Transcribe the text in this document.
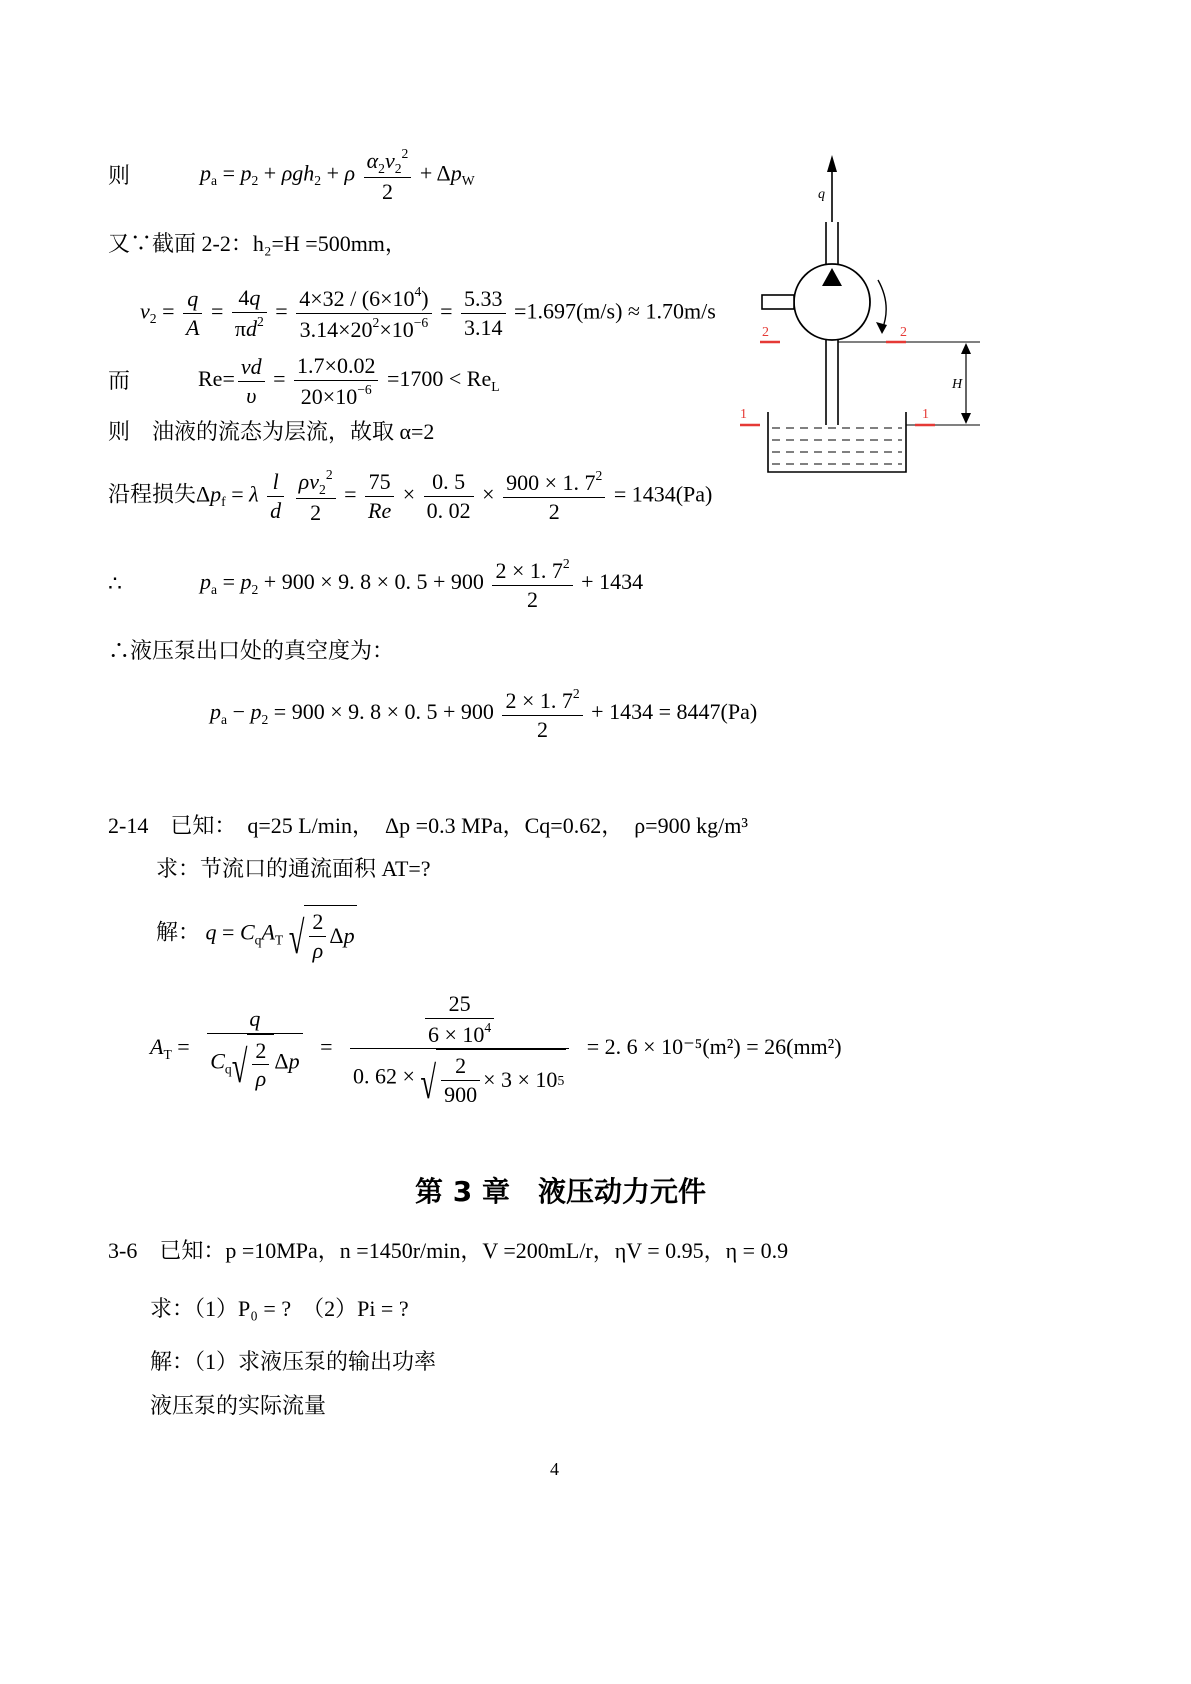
则	$p_a = p_2 + \rho gh_2 + \rho \frac{\alpha_2v_2^2}{2} + \Delta p_W$
又∵截面 2-2：h₂=H =500mm，
$v_2 = \frac{q}{A} = \frac{4q}{\pi d^2} = \frac{4\times 32 / (6\times 10^4)}{3.14\times 20^2\times 10^{-6}} = \frac{5.33}{3.14} =1.697(m/s) \approx 1.70m/s$
而	$Re= \frac{vd}{\upsilon} = \frac{1.7\times 0.02}{20\times 10^{-6}} =1700 < Re_L$
则　油液的流态为层流，故取 α=2
沿程损失$\Delta p_f = \lambda \frac{l}{d}$
$\frac{\rho v_2^2}{2} = \frac{75}{Re} \times \frac{0. 5}{0. 02} \times \frac{900 \times 1. 7^2}{2} = 1434(Pa)$
∴	$p_a = p_2 + 900 \times 9$. 8 × 0. $5 + 900 \frac{2 \times 1. 7^2}{2} + 1434$
∴液压泵出口处的真空度为：
$p_a - p_2 = 900 \times 9$. 8 × 0. $5 + 900 \frac{2 \times 1. 7^2}{2} + 1434 = 8447(Pa)$
2-14　已知：　q=25 L/min，　Δp =0.3 MPa，Cq=0.62，　ρ=900 kg/m³
求：节流口的通流面积 AT=?
解： $q = C_qA_T$ √ $\frac{2}{\rho}$ Δ p
$A_T = \frac{q}{C_q √ \frac{2}{\rho} \Delta p} = \frac{\frac{25}{6 \times 10^4}}{0. 62 \times √ \frac{2}{900} \times 3 \times 10 5} = 2$. 6 × 10⁻⁵(m²) = 26(mm²)
第 3 章　液压动力元件
3-6　已知：p =10MPa，n =1450r/min，V =200mL/r，ηV = 0.95，η = 0.9
求：（1）P₀ = ?　（2）Pi = ?
解：（1）求液压泵的输出功率
液压泵的实际流量
4
q
2	2
1	1
H
